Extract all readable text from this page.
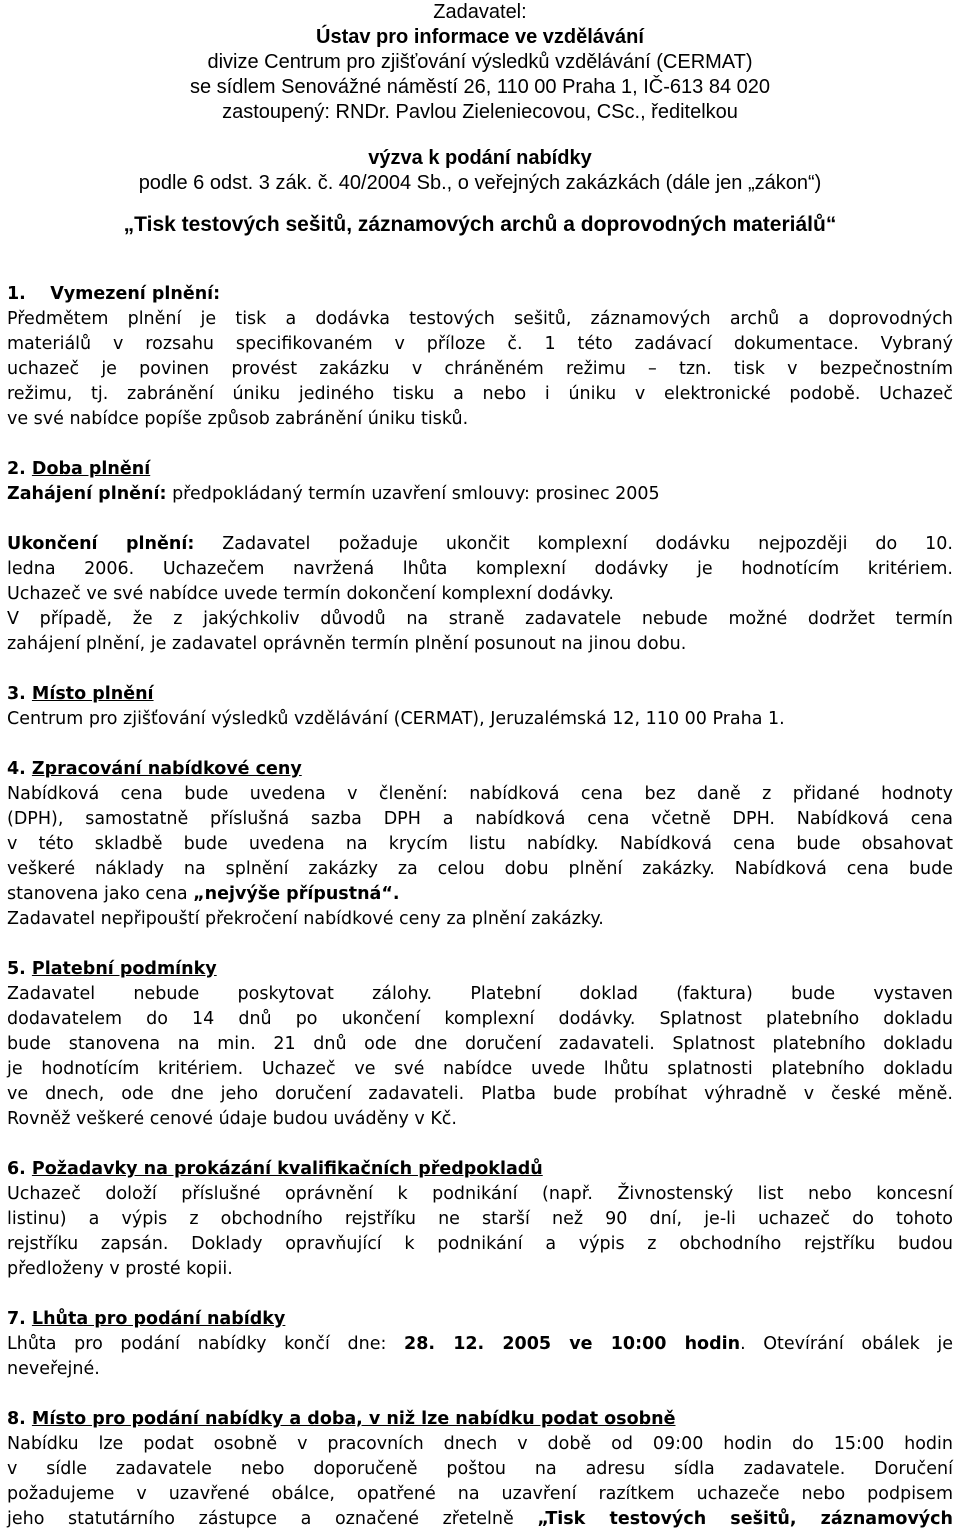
Zadavatel:
Ústav pro informace ve vzdělávání
divize Centrum pro zjišťování výsledků vzdělávání (CERMAT)
se sídlem Senovážné náměstí 26, 110 00 Praha 1, IČ-613 84 020
zastoupený: RNDr. Pavlou Zieleniecovou, CSc., ředitelkou
výzva k podání nabídky
podle 6 odst. 3 zák. č. 40/2004 Sb., o veřejných zakázkách (dále jen „zákon“)
„Tisk testových sešitů, záznamových archů a doprovodných materiálů“
1. Vymezení plnění:
Předmětem plnění je tisk a dodávka testových sešitů, záznamových archů a doprovodných
materiálů v rozsahu specifikovaném v příloze č. 1 této zadávací dokumentace. Vybraný
uchazeč je povinen provést zakázku v chráněném režimu – tzn. tisk v bezpečnostním
režimu, tj. zabránění úniku jediného tisku a nebo i úniku v elektronické podobě. Uchazeč
ve své nabídce popíše způsob zabránění úniku tisků.
2. Doba plnění
Zahájení plnění: předpokládaný termín uzavření smlouvy: prosinec 2005
Ukončení plnění: Zadavatel požaduje ukončit komplexní dodávku nejpozději do 10.
ledna 2006. Uchazečem navržená lhůta komplexní dodávky je hodnotícím kritériem.
Uchazeč ve své nabídce uvede termín dokončení komplexní dodávky.
V případě, že z jakýchkoliv důvodů na straně zadavatele nebude možné dodržet termín
zahájení plnění, je zadavatel oprávněn termín plnění posunout na jinou dobu.
3. Místo plnění
Centrum pro zjišťování výsledků vzdělávání (CERMAT), Jeruzalémská 12, 110 00 Praha 1.
4. Zpracování nabídkové ceny
Nabídková cena bude uvedena v členění: nabídková cena bez daně z přidané hodnoty
(DPH), samostatně příslušná sazba DPH a nabídková cena včetně DPH. Nabídková cena
v této skladbě bude uvedena na krycím listu nabídky. Nabídková cena bude obsahovat
veškeré náklady na splnění zakázky za celou dobu plnění zakázky. Nabídková cena bude
stanovena jako cena „nejvýše přípustná“.
Zadavatel nepřipouští překročení nabídkové ceny za plnění zakázky.
5. Platební podmínky
Zadavatel nebude poskytovat zálohy. Platební doklad (faktura) bude vystaven
dodavatelem do 14 dnů po ukončení komplexní dodávky. Splatnost platebního dokladu
bude stanovena na min. 21 dnů ode dne doručení zadavateli. Splatnost platebního dokladu
je hodnotícím kritériem. Uchazeč ve své nabídce uvede lhůtu splatnosti platebního dokladu
ve dnech, ode dne jeho doručení zadavateli. Platba bude probíhat výhradně v české měně.
Rovněž veškeré cenové údaje budou uváděny v Kč.
6. Požadavky na prokázání kvalifikačních předpokladů
Uchazeč doloží příslušné oprávnění k podnikání (např. Živnostenský list nebo koncesní
listinu) a výpis z obchodního rejstříku ne starší než 90 dní, je-li uchazeč do tohoto
rejstříku zapsán. Doklady opravňující k podnikání a výpis z obchodního rejstříku budou
předloženy v prosté kopii.
7. Lhůta pro podání nabídky
Lhůta pro podání nabídky končí dne: 28. 12. 2005 ve 10:00 hodin. Otevírání obálek je
neveřejné.
8. Místo pro podání nabídky a doba, v niž lze nabídku podat osobně
Nabídku lze podat osobně v pracovních dnech v době od 09:00 hodin do 15:00 hodin
v sídle zadavatele nebo doporučeně poštou na adresu sídla zadavatele. Doručení
požadujeme v uzavřené obálce, opatřené na uzavření razítkem uchazeče nebo podpisem
jeho statutárního zástupce a označené zřetelně „Tisk testových sešitů, záznamových
